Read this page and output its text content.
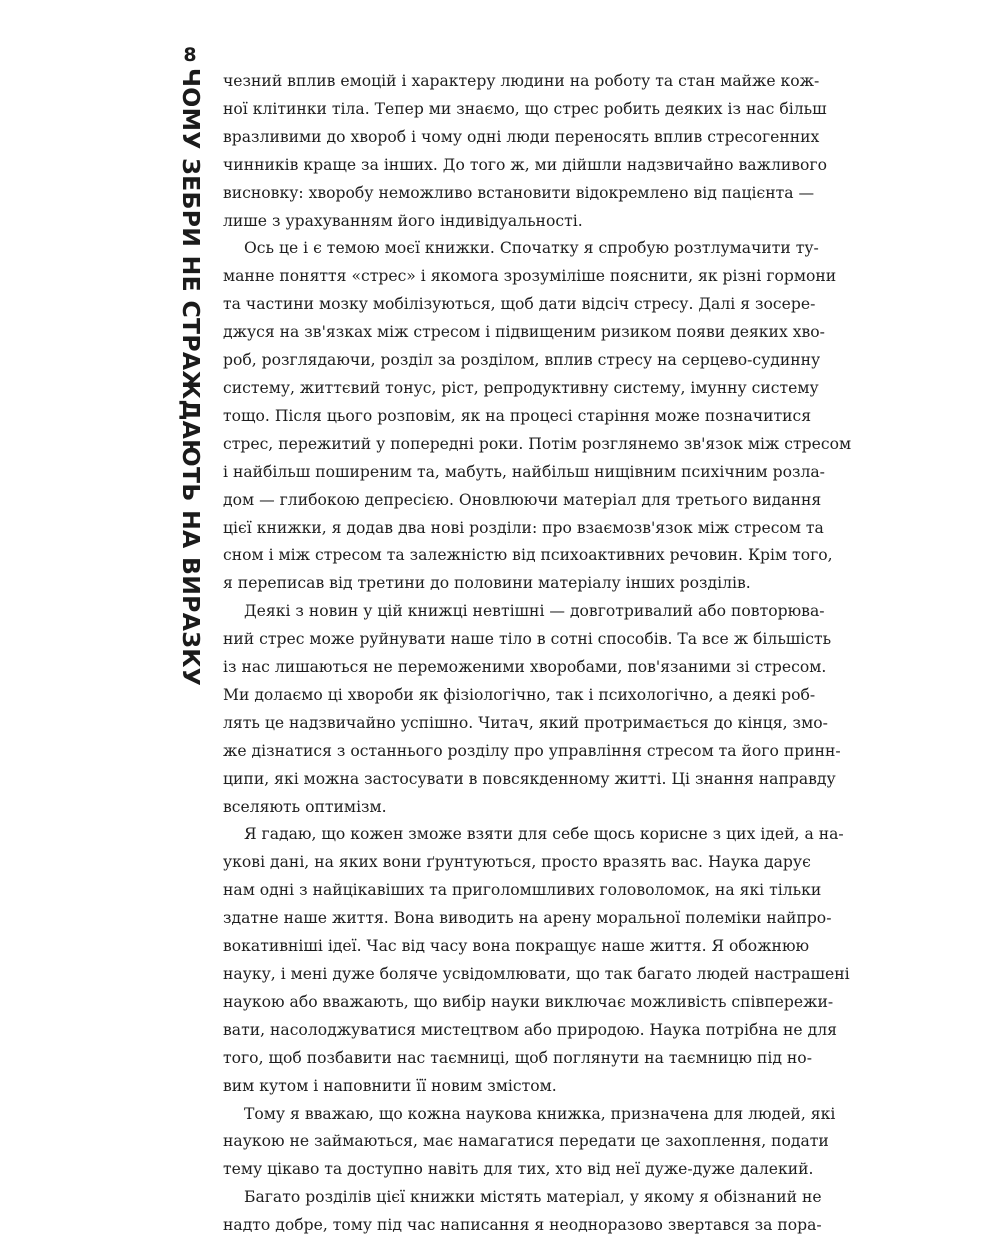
8
ЧОМУ ЗЕБРИ НЕ СТРАЖДАЮТЬ НА ВИРАЗКУ чезний вплив емоцій і характеру людини на роботу та стан майже кож-
ної клітинки тіла. Тепер ми знаємо, що стрес робить деяких із нас більш
вразливими до хвороб і чому одні люди переносять вплив стресогенних
чинників краще за інших. До того ж, ми дійшли надзвичайно важливого
висновку: хворобу неможливо встановити відокремлено від пацієнта —
лише з урахуванням його індивідуальності.

Ось це і є темою моєї книжки. Спочатку я спробую розтлумачити ту-
манне поняття «стрес» і якомога зрозуміліше пояснити, як різні гормони
та частини мозку мобілізуються, щоб дати відсіч стресу. Далі я зосере-
джуся на зв'язках між стресом і підвищеним ризиком появи деяких хво-
роб, розглядаючи, розділ за розділом, вплив стресу на серцево-судинну
систему, життєвий тонус, ріст, репродуктивну систему, імунну систему
тощо. Після цього розповім, як на процесі старіння може позначитися
стрес, пережитий у попередні роки. Потім розглянемо зв'язок між стресом
і найбільш поширеним та, мабуть, найбільш нищівним психічним розла-
дом — глибокою депресією. Оновлюючи матеріал для третього видання
цієї книжки, я додав два нові розділи: про взаємозв'язок між стресом та
сном і між стресом та залежністю від психоактивних речовин. Крім того,
я переписав від третини до половини матеріалу інших розділів.

Деякі з новин у цій книжці невтішні — довготривалий або повторюва-
ний стрес може руйнувати наше тіло в сотні способів. Та все ж більшість
із нас лишаються не переможеними хворобами, пов'язаними зі стресом.
Ми долаємо ці хвороби як фізіологічно, так і психологічно, а деякі роб-
лять це надзвичайно успішно. Читач, який протримається до кінця, змо-
же дізнатися з останнього розділу про управління стресом та його принн-
ципи, які можна застосувати в повсякденному житті. Ці знання направду
вселяють оптимізм.

Я гадаю, що кожен зможе взяти для себе щось корисне з цих ідей, а на-
укові дані, на яких вони ґрунтуються, просто вразять вас. Наука дарує
нам одні з найцікавіших та приголомшливих головоломок, на які тільки
здатне наше життя. Вона виводить на арену моральної полеміки найпро-
вокативніші ідеї. Час від часу вона покращує наше життя. Я обожнюю
науку, і мені дуже боляче усвідомлювати, що так багато людей настрашені
наукою або вважають, що вибір науки виключає можливість співпережи-
вати, насолоджуватися мистецтвом або природою. Наука потрібна не для
того, щоб позбавити нас таємниці, щоб поглянути на таємницю під но-
вим кутом і наповнити її новим змістом.

Тому я вважаю, що кожна наукова книжка, призначена для людей, які
наукою не займаються, має намагатися передати це захоплення, подати
тему цікаво та доступно навіть для тих, хто від неї дуже-дуже далекий.

Багато розділів цієї книжки містять матеріал, у якому я обізнаний не
надто добре, тому під час написання я неодноразово звертався за пора-
